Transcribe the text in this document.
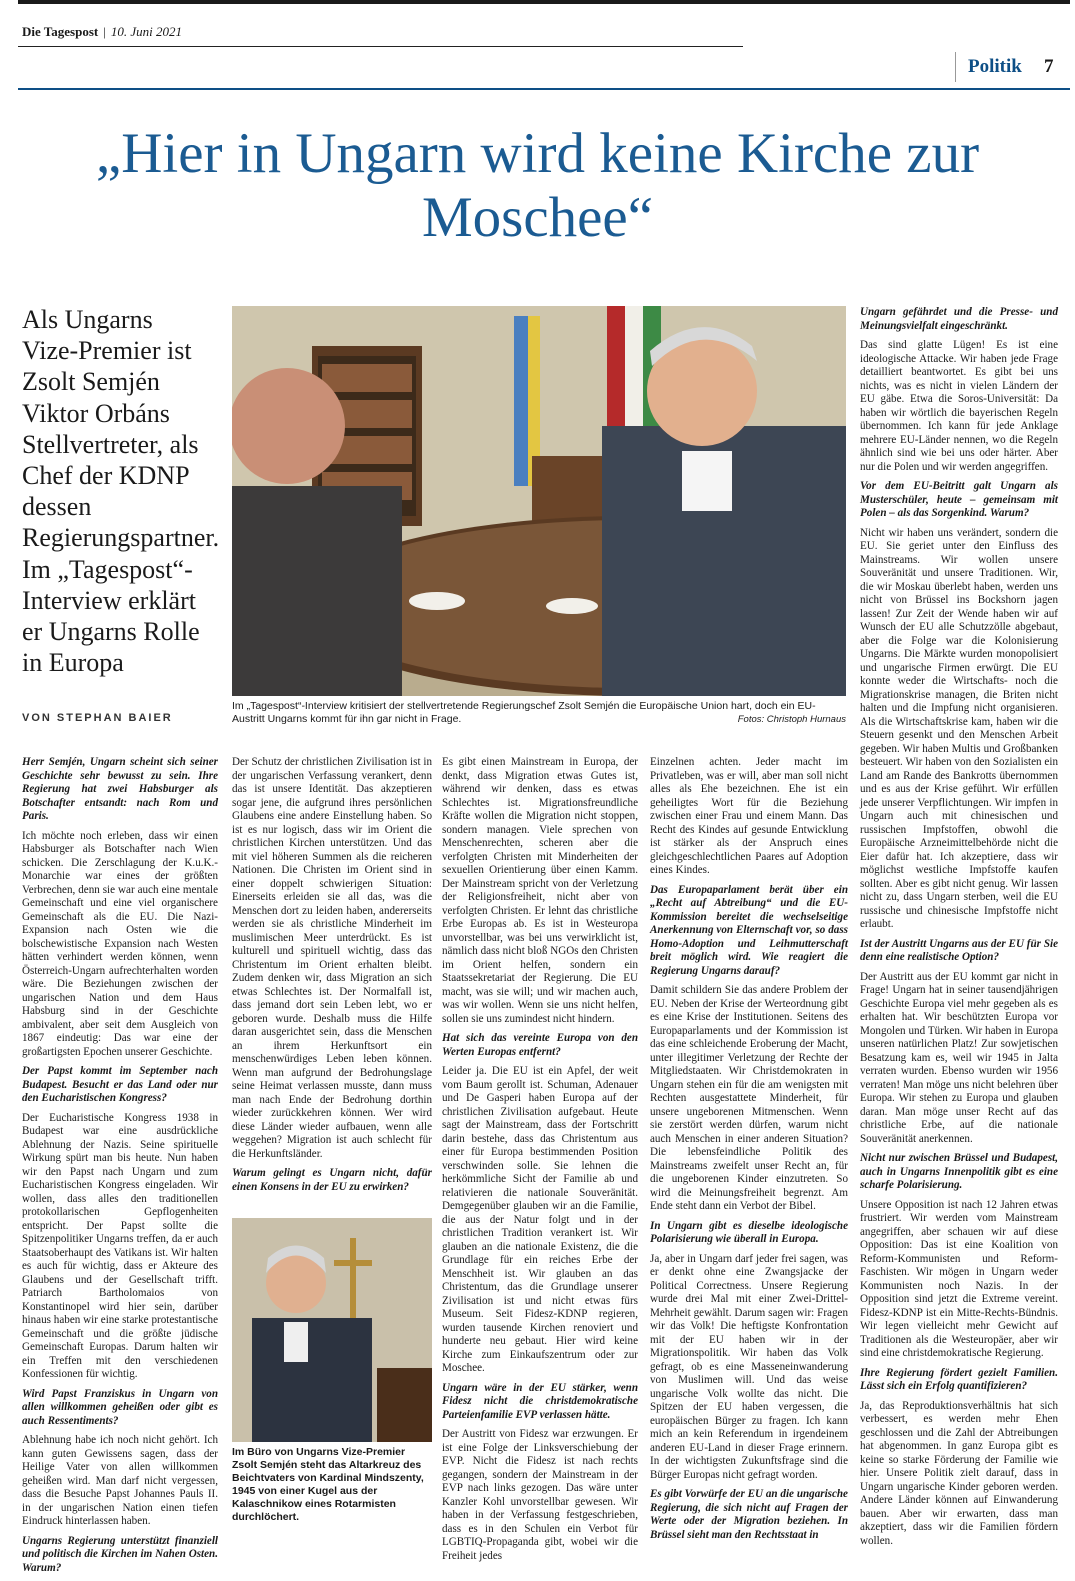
Die Tagespost | 10. Juni 2021
Politik 7
„Hier in Ungarn wird keine Kirche zur Moschee“
Als Ungarns Vize-Premier ist Zsolt Semjén Viktor Orbáns Stellvertreter, als Chef der KDNP dessen Regierungspartner. Im „Tagespost“-Interview erklärt er Ungarns Rolle in Europa
VON STEPHAN BAIER
Im „Tagespost“-Interview kritisiert der stellvertretende Regierungschef Zsolt Semjén die Europäische Union hart, doch ein EU-Austritt Ungarns kommt für ihn gar nicht in Frage.	Fotos: Christoph Hurnaus

Herr Semjén, Ungarn scheint sich seiner Geschichte sehr bewusst zu sein. Ihre Regierung hat zwei Habsburger als Botschafter entsandt: nach Rom und Paris.

Ich möchte noch erleben, dass wir einen Habsburger als Botschafter nach Wien schicken. Die Zerschlagung der K.u.K.-Monarchie war eines der größten Verbrechen, denn sie war auch eine mentale Gemeinschaft und eine viel organischere Gemeinschaft als die EU. Die Nazi-Expansion nach Osten wie die bolschewistische Expansion nach Westen hätten verhindert werden können, wenn Österreich-Ungarn aufrechterhalten worden wäre. Die Beziehungen zwischen der ungarischen Nation und dem Haus Habsburg sind in der Geschichte ambivalent, aber seit dem Ausgleich von 1867 eindeutig: Das war eine der großartigsten Epochen unserer Geschichte.

Der Papst kommt im September nach Budapest. Besucht er das Land oder nur den Eucharistischen Kongress?

Der Eucharistische Kongress 1938 in Budapest war eine ausdrückliche Ablehnung der Nazis. Seine spirituelle Wirkung spürt man bis heute. Nun haben wir den Papst nach Ungarn und zum Eucharistischen Kongress eingeladen. Wir wollen, dass alles den traditionellen protokollarischen Gepflogenheiten entspricht. Der Papst sollte die Spitzenpolitiker Ungarns treffen, da er auch Staatsoberhaupt des Vatikans ist. Wir halten es auch für wichtig, dass er Akteure des Glaubens und der Gesellschaft trifft. Patriarch Bartholomaios von Konstantinopel wird hier sein, darüber hinaus haben wir eine starke protestantische Gemeinschaft und die größte jüdische Gemeinschaft Europas. Darum halten wir ein Treffen mit den verschiedenen Konfessionen für wichtig.

Wird Papst Franziskus in Ungarn von allen willkommen geheißen oder gibt es auch Ressentiments?

Ablehnung habe ich noch nicht gehört. Ich kann guten Gewissens sagen, dass der Heilige Vater von allen willkommen geheißen wird. Man darf nicht vergessen, dass die Besuche Papst Johannes Pauls II. in der ungarischen Nation einen tiefen Eindruck hinterlassen haben.

Ungarns Regierung unterstützt finanziell und politisch die Kirchen im Nahen Osten. Warum?

Der Schutz der christlichen Zivilisation ist in der ungarischen Verfassung verankert, denn das ist unsere Identität. Das akzeptieren sogar jene, die aufgrund ihres persönlichen Glaubens eine andere Einstellung haben. So ist es nur logisch, dass wir im Orient die christlichen Kirchen unterstützen. Und das mit viel höheren Summen als die reicheren Nationen. Die Christen im Orient sind in einer doppelt schwierigen Situation: Einerseits erleiden sie all das, was die Menschen dort zu leiden haben, andererseits werden sie als christliche Minderheit im muslimischen Meer unterdrückt. Es ist kulturell und spirituell wichtig, dass das Christentum im Orient erhalten bleibt. Zudem denken wir, dass Migration an sich etwas Schlechtes ist. Der Normalfall ist, dass jemand dort sein Leben lebt, wo er geboren wurde. Deshalb muss die Hilfe daran ausgerichtet sein, dass die Menschen an ihrem Herkunftsort ein menschenwürdiges Leben leben können. Wenn man aufgrund der Bedrohungslage seine Heimat verlassen musste, dann muss man nach Ende der Bedrohung dorthin wieder zurückkehren können. Wer wird diese Länder wieder aufbauen, wenn alle weggehen? Migration ist auch schlecht für die Herkunftsländer.

Warum gelingt es Ungarn nicht, dafür einen Konsens in der EU zu erwirken?

Im Büro von Ungarns Vize-Premier Zsolt Semjén steht das Altarkreuz des Beichtvaters von Kardinal Mindszenty, 1945 von einer Kugel aus der Kalaschnikow eines Rotarmisten durchlöchert.

Es gibt einen Mainstream in Europa, der denkt, dass Migration etwas Gutes ist, während wir denken, dass es etwas Schlechtes ist. Migrationsfreundliche Kräfte wollen die Migration nicht stoppen, sondern managen. Viele sprechen von Menschenrechten, scheren aber die verfolgten Christen mit Minderheiten der sexuellen Orientierung über einen Kamm. Der Mainstream spricht von der Verletzung der Religionsfreiheit, nicht aber von verfolgten Christen. Er lehnt das christliche Erbe Europas ab. Es ist in Westeuropa unvorstellbar, was bei uns verwirklicht ist, nämlich dass nicht bloß NGOs den Christen im Orient helfen, sondern ein Staatssekretariat der Regierung. Die EU macht, was sie will; und wir machen auch, was wir wollen. Wenn sie uns nicht helfen, sollen sie uns zumindest nicht hindern.

Hat sich das vereinte Europa von den Werten Europas entfernt?

Leider ja. Die EU ist ein Apfel, der weit vom Baum gerollt ist. Schuman, Adenauer und De Gasperi haben Europa auf der christlichen Zivilisation aufgebaut. Heute sagt der Mainstream, dass der Fortschritt darin bestehe, dass das Christentum aus einer für Europa bestimmenden Position verschwinden solle. Sie lehnen die herkömmliche Sicht der Familie ab und relativieren die nationale Souveränität. Demgegenüber glauben wir an die Familie, die aus der Natur folgt und in der christlichen Tradition verankert ist. Wir glauben an die nationale Existenz, die die Grundlage für ein reiches Erbe der Menschheit ist. Wir glauben an das Christentum, das die Grundlage unserer Zivilisation ist und nicht etwas fürs Museum. Seit Fidesz-KDNP regieren, wurden tausende Kirchen renoviert und hunderte neu gebaut. Hier wird keine Kirche zum Einkaufszentrum oder zur Moschee.

Ungarn wäre in der EU stärker, wenn Fidesz nicht die christdemokratische Parteienfamilie EVP verlassen hätte.

Der Austritt von Fidesz war erzwungen. Er ist eine Folge der Linksverschiebung der EVP. Nicht die Fidesz ist nach rechts gegangen, sondern der Mainstream in der EVP nach links gezogen. Das wäre unter Kanzler Kohl unvorstellbar gewesen. Wir haben in der Verfassung festgeschrieben, dass es in den Schulen ein Verbot für LGBTIQ-Propaganda gibt, wobei wir die Freiheit jedes

Einzelnen achten. Jeder macht im Privatleben, was er will, aber man soll nicht alles als Ehe bezeichnen. Ehe ist ein geheiligtes Wort für die Beziehung zwischen einer Frau und einem Mann. Das Recht des Kindes auf gesunde Entwicklung ist stärker als der Anspruch eines gleichgeschlechtlichen Paares auf Adoption eines Kindes.

Das Europaparlament berät über ein „Recht auf Abtreibung“ und die EU-Kommission bereitet die wechselseitige Anerkennung von Elternschaft vor, so dass Homo-Adoption und Leihmutterschaft breit möglich wird. Wie reagiert die Regierung Ungarns darauf?

Damit schildern Sie das andere Problem der EU. Neben der Krise der Werteordnung gibt es eine Krise der Institutionen. Seitens des Europaparlaments und der Kommission ist das eine schleichende Eroberung der Macht, unter illegitimer Verletzung der Rechte der Mitgliedstaaten. Wir Christdemokraten in Ungarn stehen ein für die am wenigsten mit Rechten ausgestattete Minderheit, für unsere ungeborenen Mitmenschen. Wenn sie zerstört werden dürfen, warum nicht auch Menschen in einer anderen Situation? Die lebensfeindliche Politik des Mainstreams zweifelt unser Recht an, für die ungeborenen Kinder einzutreten. So wird die Meinungsfreiheit begrenzt. Am Ende steht dann ein Verbot der Bibel.

In Ungarn gibt es dieselbe ideologische Polarisierung wie überall in Europa.

Ja, aber in Ungarn darf jeder frei sagen, was er denkt ohne eine Zwangsjacke der Political Correctness. Unsere Regierung wurde drei Mal mit einer Zwei-Drittel-Mehrheit gewählt. Darum sagen wir: Fragen wir das Volk! Die heftigste Konfrontation mit der EU haben wir in der Migrationspolitik. Wir haben das Volk gefragt, ob es eine Masseneinwanderung von Muslimen will. Und das weise ungarische Volk wollte das nicht. Die Spitzen der EU haben vergessen, die europäischen Bürger zu fragen. Ich kann mich an kein Referendum in irgendeinem anderen EU-Land in dieser Frage erinnern. In der wichtigsten Zukunftsfrage sind die Bürger Europas nicht gefragt worden.

Es gibt Vorwürfe der EU an die ungarische Regierung, die sich nicht auf Fragen der Werte oder der Migration beziehen. In Brüssel sieht man den Rechtsstaat in

Ungarn gefährdet und die Presse- und Meinungsvielfalt eingeschränkt.

Das sind glatte Lügen! Es ist eine ideologische Attacke. Wir haben jede Frage detailliert beantwortet. Es gibt bei uns nichts, was es nicht in vielen Ländern der EU gäbe. Etwa die Soros-Universität: Da haben wir wörtlich die bayerischen Regeln übernommen. Ich kann für jede Anklage mehrere EU-Länder nennen, wo die Regeln ähnlich sind wie bei uns oder härter. Aber nur die Polen und wir werden angegriffen.

Vor dem EU-Beitritt galt Ungarn als Musterschüler, heute – gemeinsam mit Polen – als das Sorgenkind. Warum?

Nicht wir haben uns verändert, sondern die EU. Sie geriet unter den Einfluss des Mainstreams. Wir wollen unsere Souveränität und unsere Traditionen. Wir, die wir Moskau überlebt haben, werden uns nicht von Brüssel ins Bockshorn jagen lassen! Zur Zeit der Wende haben wir auf Wunsch der EU alle Schutzzölle abgebaut, aber die Folge war die Kolonisierung Ungarns. Die Märkte wurden monopolisiert und ungarische Firmen erwürgt. Die EU konnte weder die Wirtschafts- noch die Migrationskrise managen, die Briten nicht halten und die Impfung nicht organisieren. Als die Wirtschaftskrise kam, haben wir die Steuern gesenkt und den Menschen Arbeit gegeben. Wir haben Multis und Großbanken besteuert. Wir haben von den Sozialisten ein Land am Rande des Bankrotts übernommen und es aus der Krise geführt. Wir erfüllen jede unserer Verpflichtungen. Wir impfen in Ungarn auch mit chinesischen und russischen Impfstoffen, obwohl die Europäische Arzneimittelbehörde nicht die Eier dafür hat. Ich akzeptiere, dass wir möglichst westliche Impfstoffe kaufen sollten. Aber es gibt nicht genug. Wir lassen nicht zu, dass Ungarn sterben, weil die EU russische und chinesische Impfstoffe nicht erlaubt.

Ist der Austritt Ungarns aus der EU für Sie denn eine realistische Option?

Der Austritt aus der EU kommt gar nicht in Frage! Ungarn hat in seiner tausendjährigen Geschichte Europa viel mehr gegeben als es erhalten hat. Wir beschützten Europa vor Mongolen und Türken. Wir haben in Europa unseren natürlichen Platz! Zur sowjetischen Besatzung kam es, weil wir 1945 in Jalta verraten wurden. Ebenso wurden wir 1956 verraten! Man möge uns nicht belehren über Europa. Wir stehen zu Europa und glauben daran. Man möge unser Recht auf das christliche Erbe, auf die nationale Souveränität anerkennen.

Nicht nur zwischen Brüssel und Budapest, auch in Ungarns Innenpolitik gibt es eine scharfe Polarisierung.

Unsere Opposition ist nach 12 Jahren etwas frustriert. Wir werden vom Mainstream angegriffen, aber schauen wir auf diese Opposition: Das ist eine Koalition von Reform-Kommunisten und Reform-Faschisten. Wir mögen in Ungarn weder Kommunisten noch Nazis. In der Opposition sind jetzt die Extreme vereint. Fidesz-KDNP ist ein Mitte-Rechts-Bündnis. Wir legen vielleicht mehr Gewicht auf Traditionen als die Westeuropäer, aber wir sind eine christdemokratische Regierung.

Ihre Regierung fördert gezielt Familien. Lässt sich ein Erfolg quantifizieren?

Ja, das Reproduktionsverhältnis hat sich verbessert, es werden mehr Ehen geschlossen und die Zahl der Abtreibungen hat abgenommen. In ganz Europa gibt es keine so starke Förderung der Familie wie hier. Unsere Politik zielt darauf, dass in Ungarn ungarische Kinder geboren werden. Andere Länder können auf Einwanderung bauen. Aber wir erwarten, dass man akzeptiert, dass wir die Familien fördern wollen.
